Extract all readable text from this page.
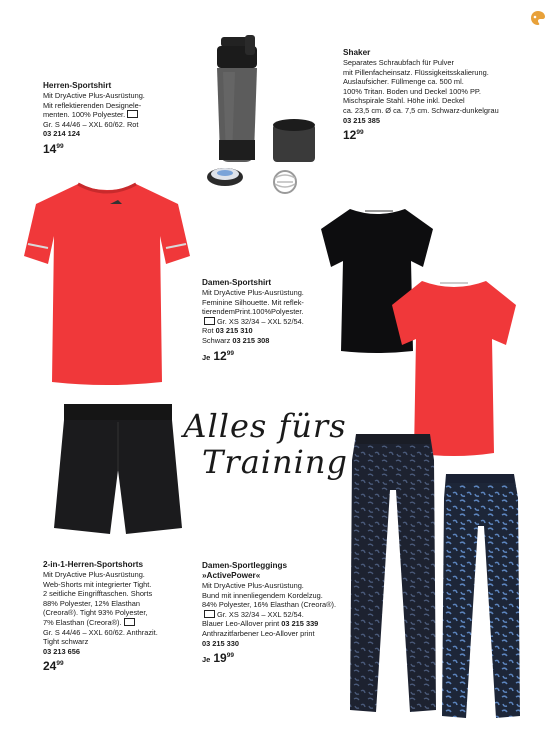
Herren-Sportshirt
Mit DryActive Plus-Ausrüstung.
Mit reflektierenden Designele-
menten. 100% Polyester.
Gr. S 44/46 – XXL 60/62. Rot
03 214 124
$14^{99}$
Shaker
Separates Schraubfach für Pulver
mit Pillenfacheinsatz. Flüssigkeitsskalierung.
Auslaufsicher. Füllmenge ca. 500 ml.
100% Tritan. Boden und Deckel 100% PP.
Mischspirale Stahl. Höhe inkl. Deckel
ca. 23,5 cm. Ø ca. 7,5 cm. Schwarz-dunkelgrau
03 215 385
$12^{99}$
Alles fürs
Training
Damen-Sportshirt
Mit DryActive Plus-Ausrüstung.
Feminine Silhouette. Mit reflek-
tierendemPrint.100%Polyester.
Gr. XS 32/34 – XXL 52/54.
Rot 03 215 310
Schwarz 03 215 308
Je $12^{99}$
2-in-1-Herren-Sportshorts
Mit DryActive Plus-Ausrüstung.
Web-Shorts mit integrierter Tight.
2 seitliche Eingrifftaschen. Shorts
88% Polyester, 12% Elasthan
(Creora®). Tight 93% Polyester,
7% Elasthan (Creora®).
Gr. S 44/46 – XXL 60/62. Anthrazit.
Tight schwarz
03 213 656
$24^{99}$
Damen-Sportleggings
»ActivePower«
Mit DryActive Plus-Ausrüstung.
Bund mit innenliegendem Kordelzug.
84% Polyester, 16% Elasthan (Creora®).
Gr. XS 32/34 – XXL 52/54.
Blauer Leo-Allover print 03 215 339
Anthrazitfarbener Leo-Allover print
03 215 330
Je $19^{99}$
